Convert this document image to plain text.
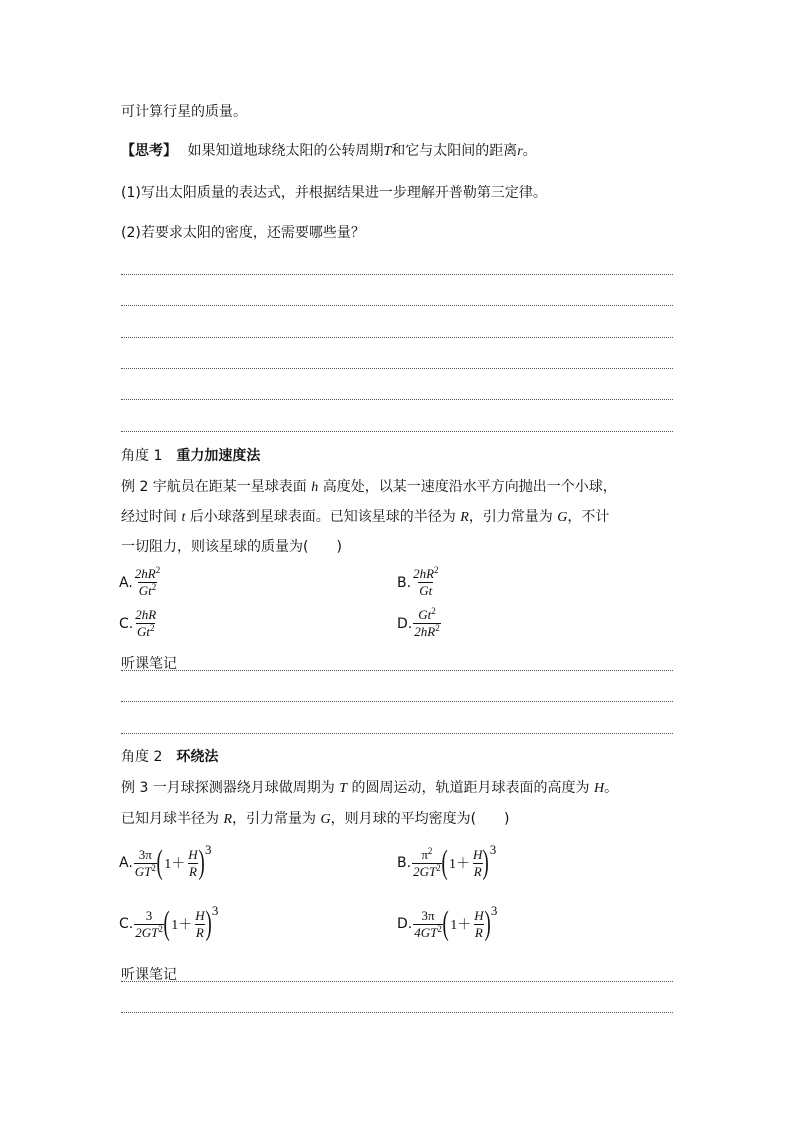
可计算行星的质量。
【思考】 如果知道地球绕太阳的公转周期T和它与太阳间的距离r。
(1)写出太阳质量的表达式，并根据结果进一步理解开普勒第三定律。
(2)若要求太阳的密度，还需要哪些量？
角度 1 重力加速度法
例 2 宇航员在距某一星球表面 h 高度处，以某一速度沿水平方向抛出一个小球，
经过时间 t 后小球落到星球表面。已知该星球的半径为 R，引力常量为 G，不计
一切阻力，则该星球的质量为(　　)
A. $\frac{2hR^2}{Gt^2}$	B. $\frac{2hR^2}{Gt}$
C. $\frac{2hR}{Gt^2}$	D. $\frac{Gt^2}{2hR^2}$
听课笔记
角度 2 环绕法
例 3 一月球探测器绕月球做周期为 T 的圆周运动，轨道距月球表面的高度为 H。
已知月球半径为 R，引力常量为 G，则月球的平均密度为(　　)
A. $\frac{3\pi}{GT^2}$ ( $1+ \frac{H}{R}$ ) 3
B. $\frac{\pi^2}{2GT^2}$ ( $1+ \frac{H}{R}$ ) 3
C. $\frac{3}{2GT^2}$ ( $1+ \frac{H}{R}$ ) 3
D. $\frac{3\pi}{4GT^2}$ ( $1+ \frac{H}{R}$ ) 3
听课笔记
